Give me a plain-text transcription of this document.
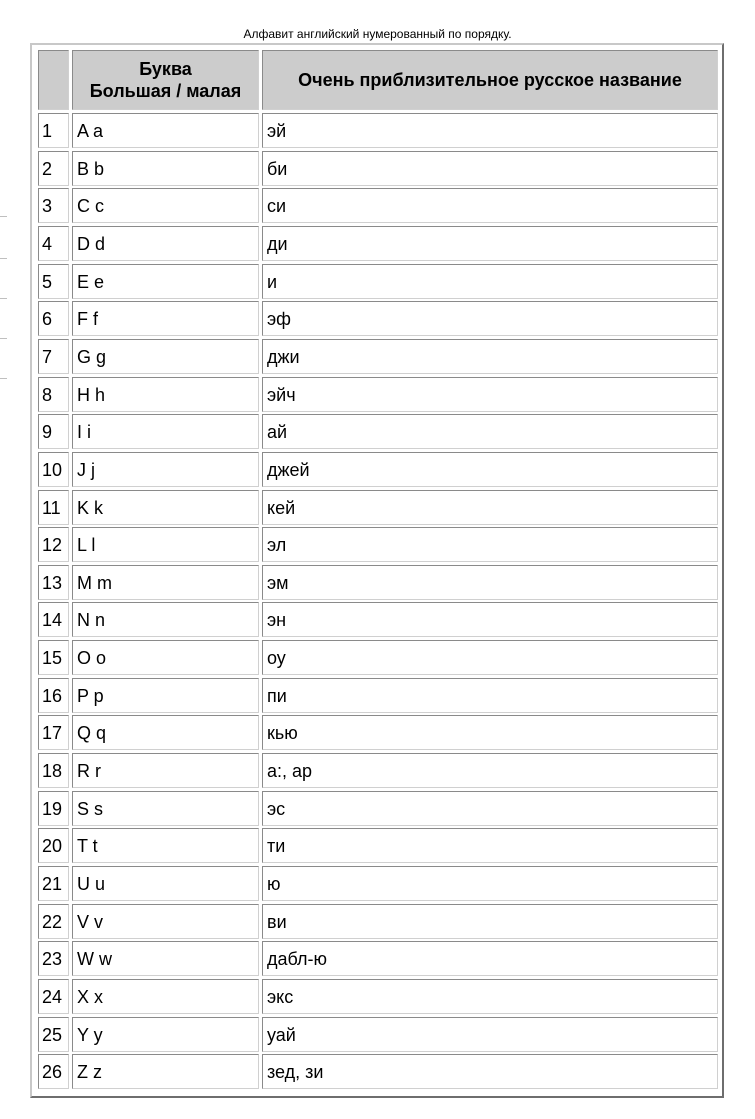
Алфавит английский нумерованный по порядку.
Буква
Большая / малая
Очень приблизительное русское название
1	A a	эй
2	B b	би
3	C c	си
4	D d	ди
5	E e	и
6	F f	эф
7	G g	джи
8	H h	эйч
9	I i	ай
10 J j	джей
11 K k	кей
12 L l	эл
13 M m	эм
14 N n	эн
15 O o	оу
16 P p	пи
17 Q q	кью
18 R r	а:, ар
19 S s	эс
20 T t	ти
21 U u	ю
22 V v	ви
23 W w	дабл-ю
24 X x	экс
25 Y y	уай
26 Z z	зед, зи
